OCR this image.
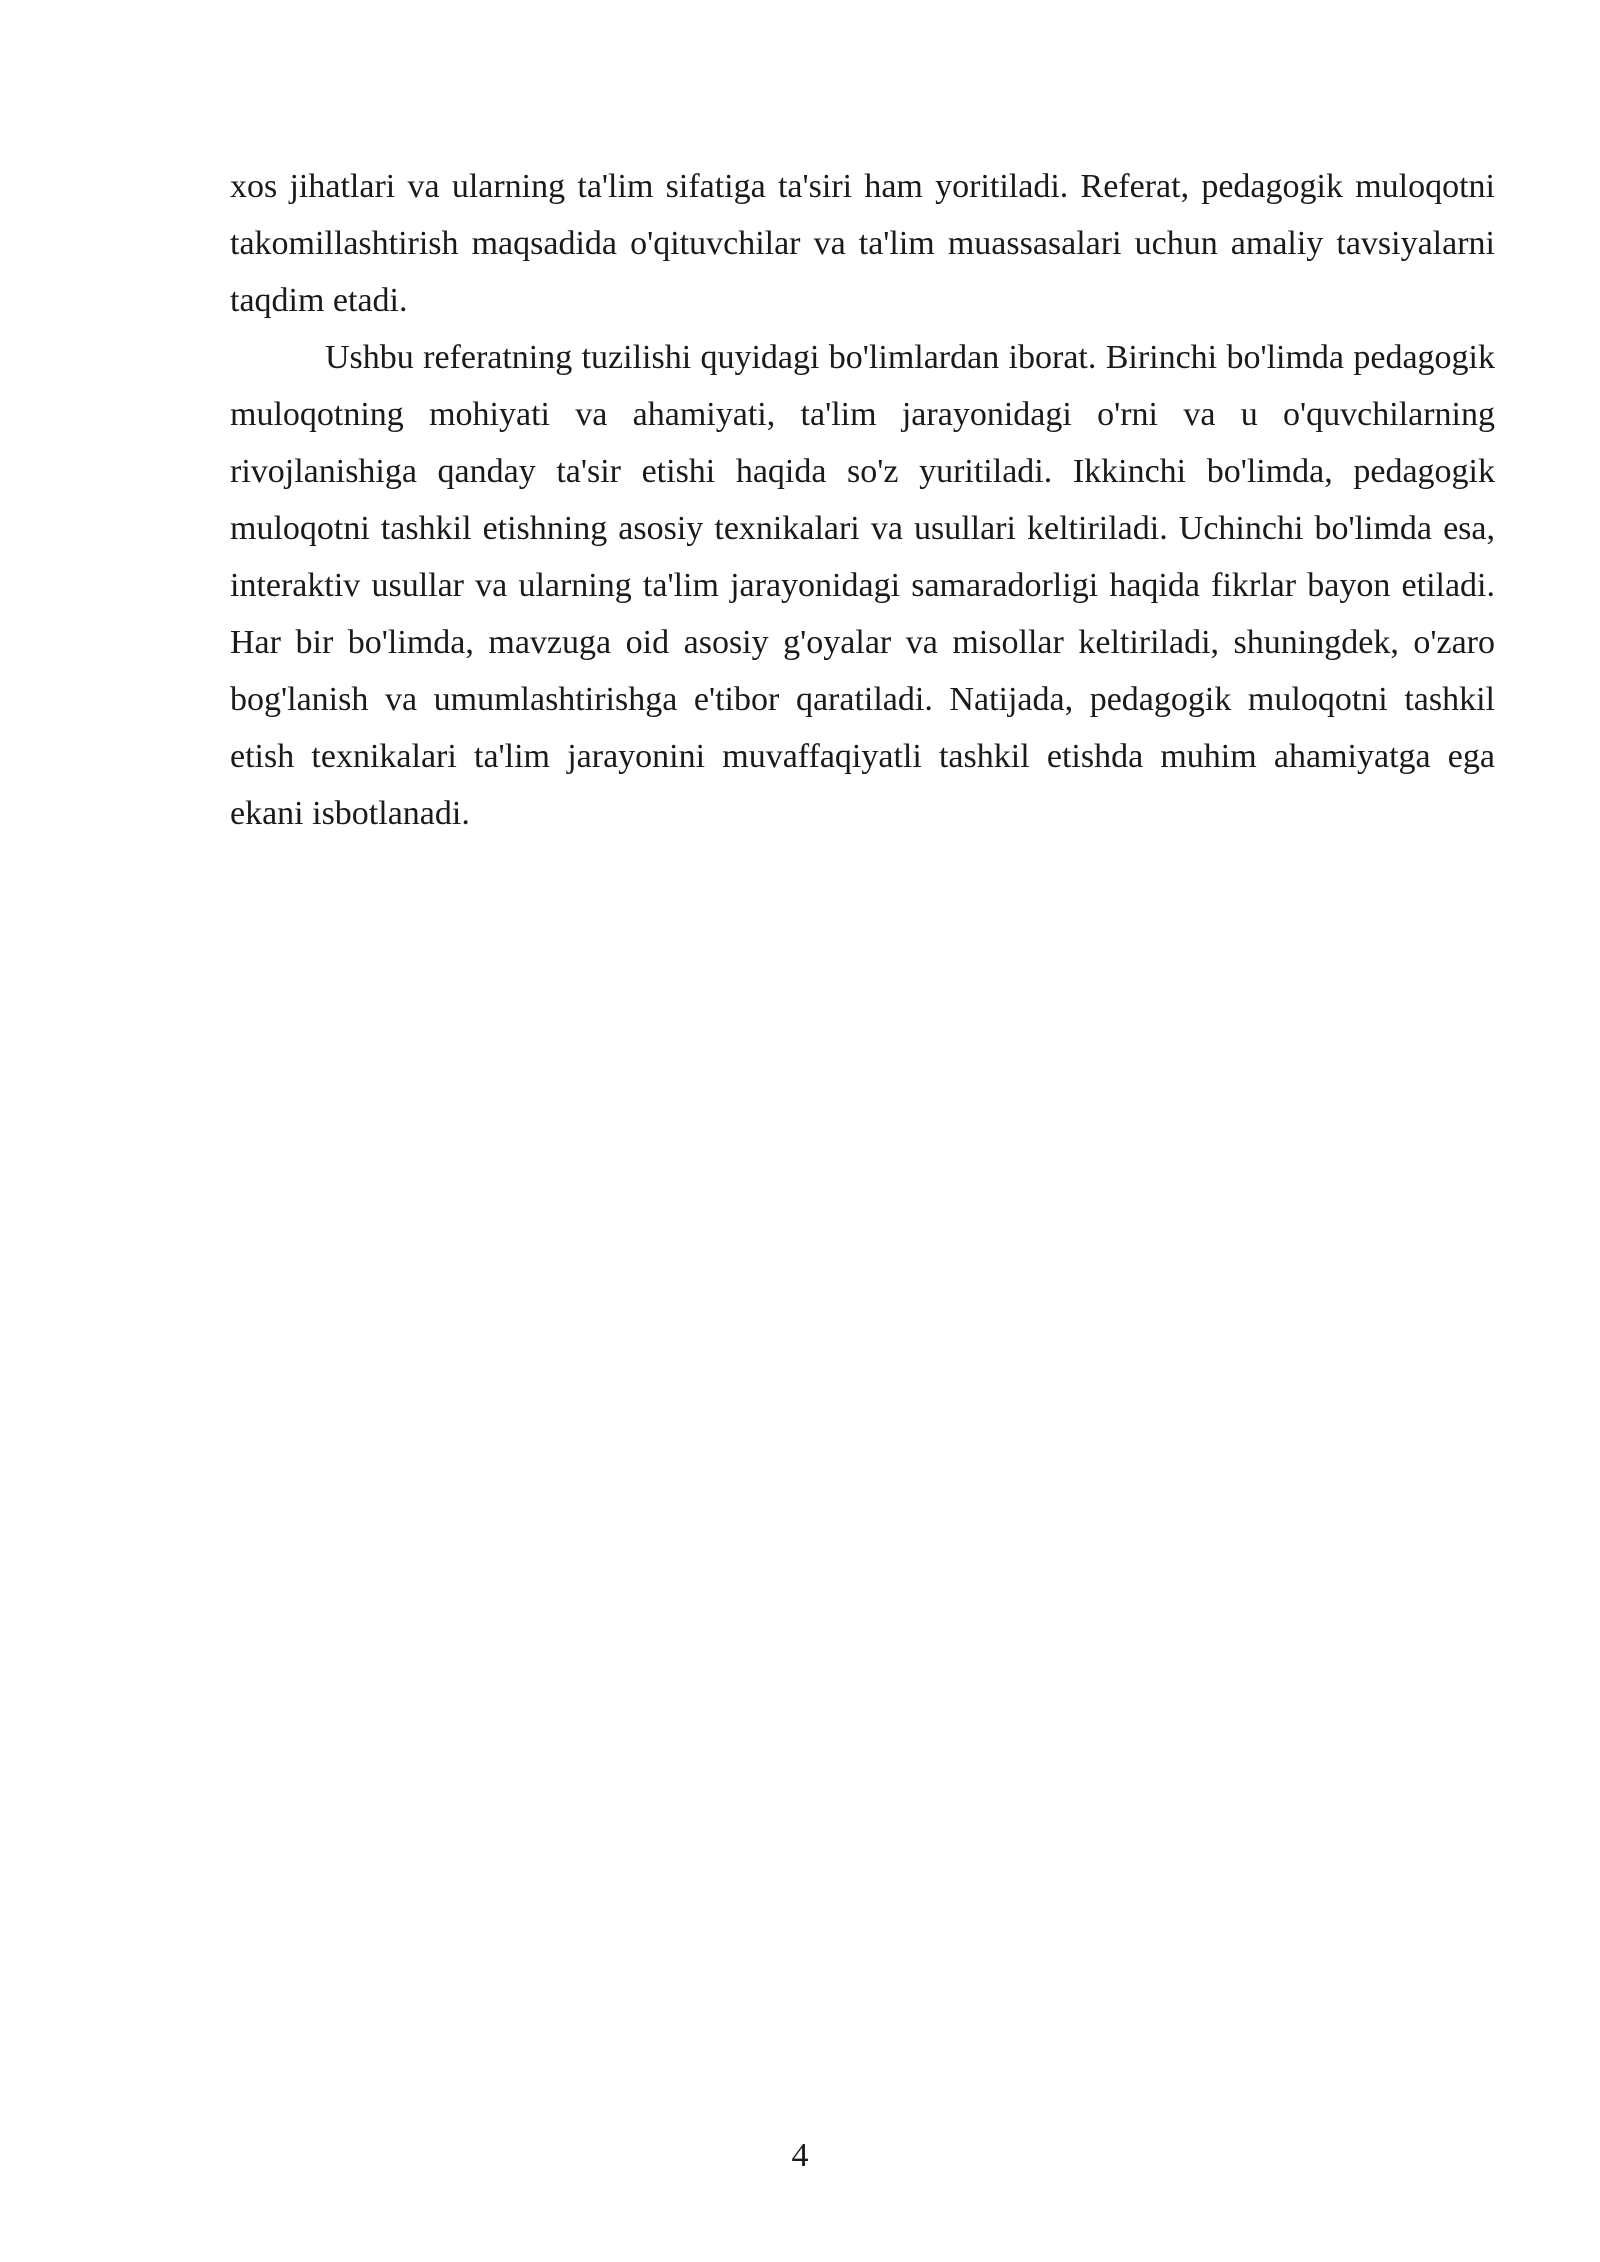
xos jihatlari va ularning ta'lim sifatiga ta'siri ham yoritiladi. Referat, pedagogik muloqotni takomillashtirish maqsadida o'qituvchilar va ta'lim muassasalari uchun amaliy tavsiyalarni taqdim etadi.

Ushbu referatning tuzilishi quyidagi bo'limlardan iborat. Birinchi bo'limda pedagogik muloqotning mohiyati va ahamiyati, ta'lim jarayonidagi o'rni va u o'quvchilarning rivojlanishiga qanday ta'sir etishi haqida so'z yuritiladi. Ikkinchi bo'limda, pedagogik muloqotni tashkil etishning asosiy texnikalari va usullari keltiriladi. Uchinchi bo'limda esa, interaktiv usullar va ularning ta'lim jarayonidagi samaradorligi haqida fikrlar bayon etiladi. Har bir bo'limda, mavzuga oid asosiy g'oyalar va misollar keltiriladi, shuningdek, o'zaro bog'lanish va umumlashtirishga e'tibor qaratiladi. Natijada, pedagogik muloqotni tashkil etish texnikalari ta'lim jarayonini muvaffaqiyatli tashkil etishda muhim ahamiyatga ega ekani isbotlanadi.

4
